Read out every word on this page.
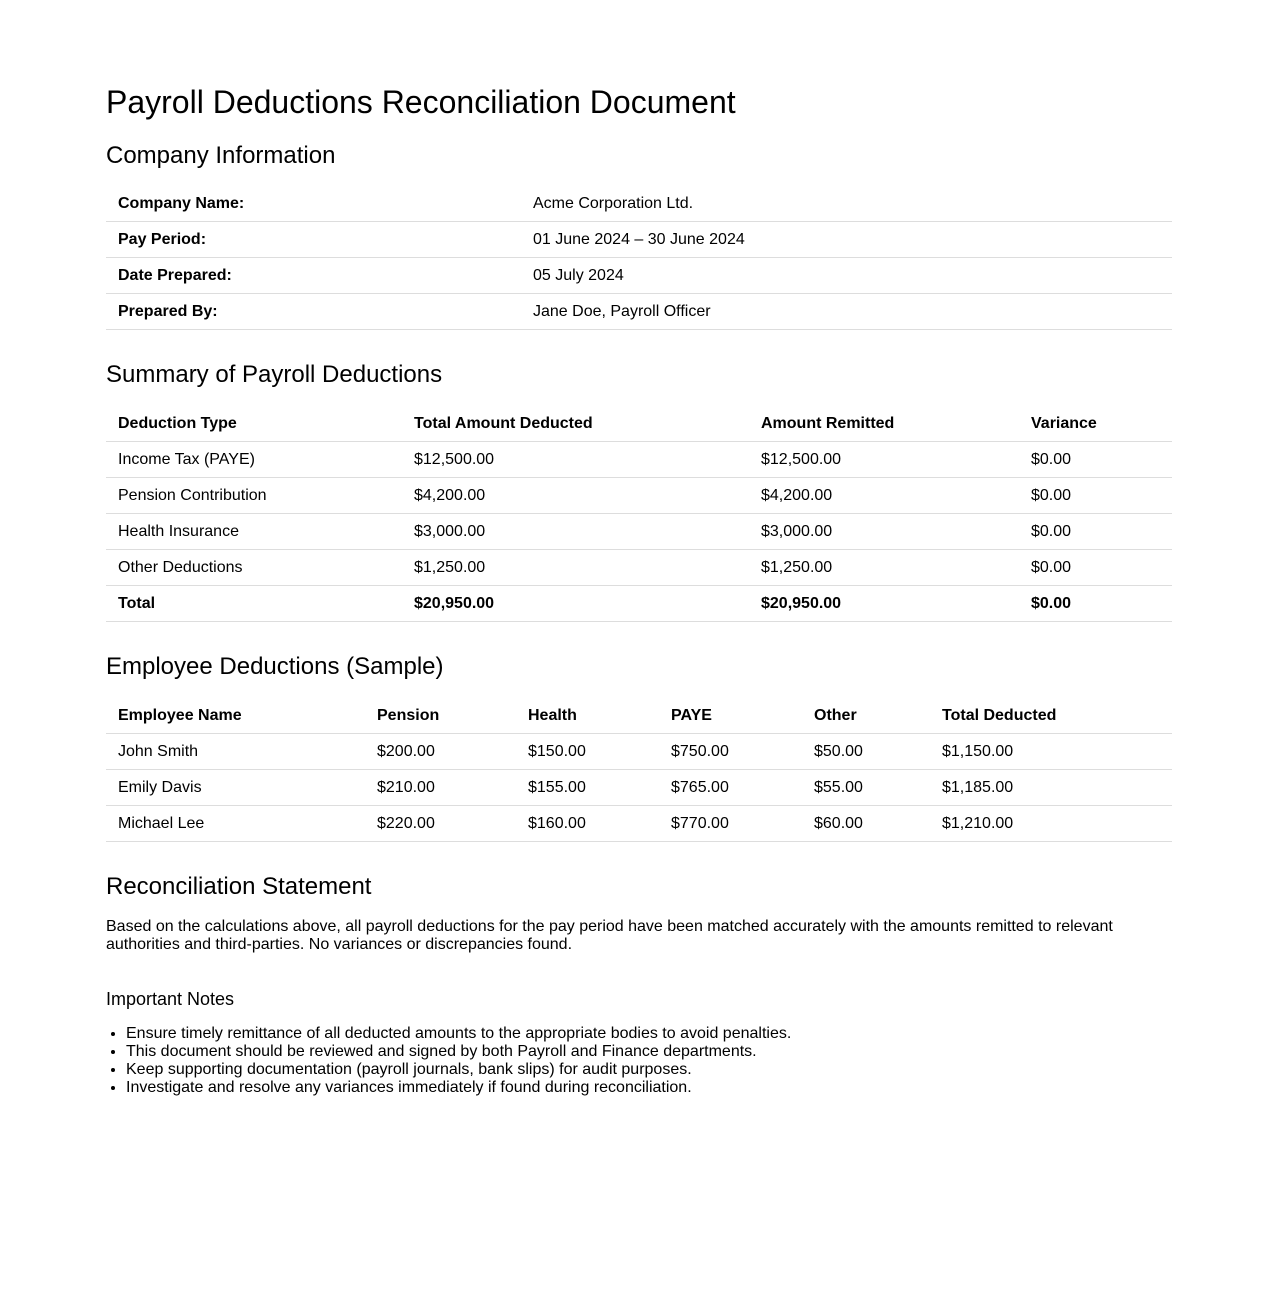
Payroll Deductions Reconciliation Document
Company Information
Company Name:	Acme Corporation Ltd.
Pay Period:	01 June 2024 – 30 June 2024
Date Prepared:	05 July 2024
Prepared By:	Jane Doe, Payroll Officer
Summary of Payroll Deductions
Deduction Type	Total Amount Deducted	Amount Remitted	Variance
Income Tax (PAYE)	$12,500.00	$12,500.00	$0.00
Pension Contribution	$4,200.00	$4,200.00	$0.00
Health Insurance	$3,000.00	$3,000.00	$0.00
Other Deductions	$1,250.00	$1,250.00	$0.00
Total	$20,950.00	$20,950.00	$0.00
Employee Deductions (Sample)
Employee Name	Pension	Health	PAYE	Other	Total Deducted
John Smith	$200.00	$150.00	$750.00	$50.00	$1,150.00
Emily Davis	$210.00	$155.00	$765.00	$55.00	$1,185.00
Michael Lee	$220.00	$160.00	$770.00	$60.00	$1,210.00
Reconciliation Statement

Based on the calculations above, all payroll deductions for the pay period have been matched accurately with the amounts remitted to relevant authorities and third-parties. No variances or discrepancies found.

Important Notes
• Ensure timely remittance of all deducted amounts to the appropriate bodies to avoid penalties.
• This document should be reviewed and signed by both Payroll and Finance departments.
• Keep supporting documentation (payroll journals, bank slips) for audit purposes.
• Investigate and resolve any variances immediately if found during reconciliation.
